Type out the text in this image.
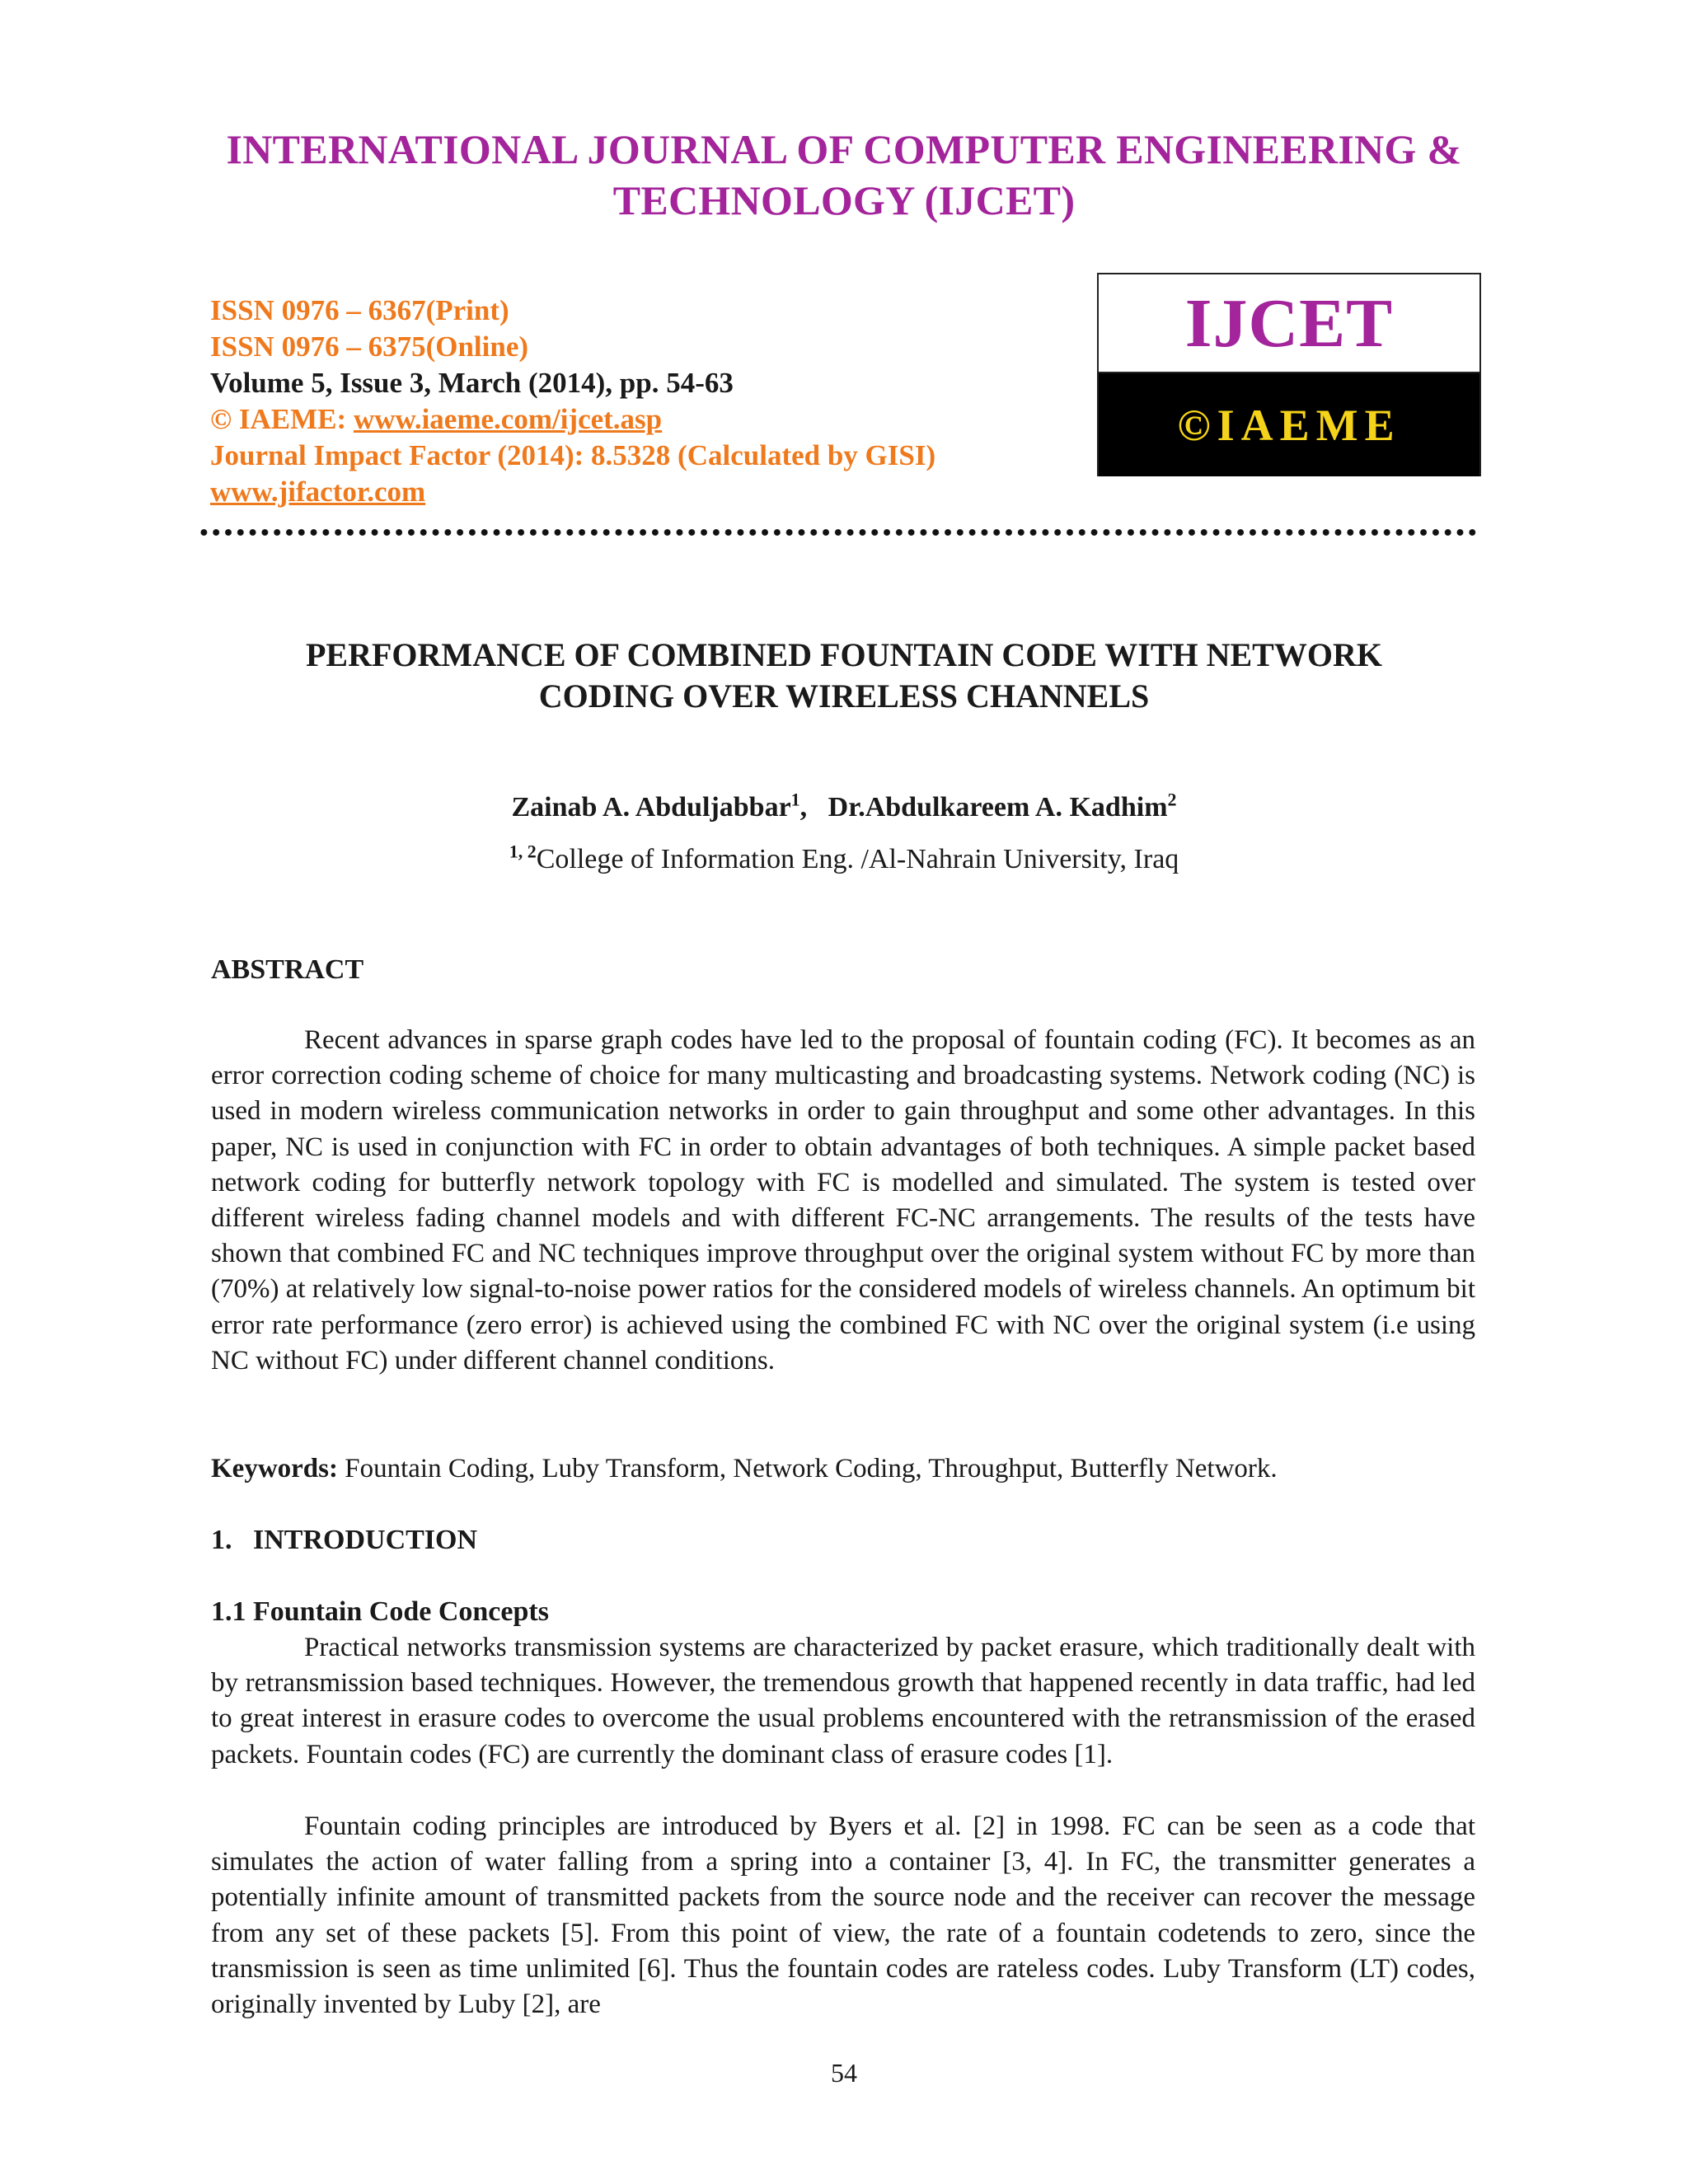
INTERNATIONAL JOURNAL OF COMPUTER ENGINEERING &
TECHNOLOGY (IJCET)
ISSN 0976 – 6367(Print)
ISSN 0976 – 6375(Online)
Volume 5, Issue 3, March (2014), pp. 54-63
© IAEME: www.iaeme.com/ijcet.asp
Journal Impact Factor (2014): 8.5328 (Calculated by GISI)
www.jifactor.com
IJCET
©IAEME
PERFORMANCE OF COMBINED FOUNTAIN CODE WITH NETWORK
CODING OVER WIRELESS CHANNELS
Zainab A. Abduljabbar$^1$, Dr.Abdulkareem A. Kadhim$^2$
$^{1, 2}$College of Information Eng. /Al-Nahrain University, Iraq
ABSTRACT
Recent advances in sparse graph codes have led to the proposal of fountain coding (FC). It becomes as an error correction coding scheme of choice for many multicasting and broadcasting systems. Network coding (NC) is used in modern wireless communication networks in order to gain throughput and some other advantages. In this paper, NC is used in conjunction with FC in order to obtain advantages of both techniques. A simple packet based network coding for butterfly network topology with FC is modelled and simulated. The system is tested over different wireless fading channel models and with different FC-NC arrangements. The results of the tests have shown that combined FC and NC techniques improve throughput over the original system without FC by more than (70%) at relatively low signal-to-noise power ratios for the considered models of wireless channels. An optimum bit error rate performance (zero error) is achieved using the combined FC with NC over the original system (i.e using NC without FC) under different channel conditions.
Keywords: Fountain Coding, Luby Transform, Network Coding, Throughput, Butterfly Network.
1.   INTRODUCTION
1.1 Fountain Code Concepts
Practical networks transmission systems are characterized by packet erasure, which traditionally dealt with by retransmission based techniques. However, the tremendous growth that happened recently in data traffic, had led to great interest in erasure codes to overcome the usual problems encountered with the retransmission of the erased packets. Fountain codes (FC) are currently the dominant class of erasure codes [1].
Fountain coding principles are introduced by Byers et al. [2] in 1998. FC can be seen as a code that simulates the action of water falling from a spring into a container [3, 4]. In FC, the transmitter generates a potentially infinite amount of transmitted packets from the source node and the receiver can recover the message from any set of these packets [5]. From this point of view, the rate of a fountain codetends to zero, since the transmission is seen as time unlimited [6]. Thus the fountain codes are rateless codes. Luby Transform (LT) codes, originally invented by Luby [2], are
54
